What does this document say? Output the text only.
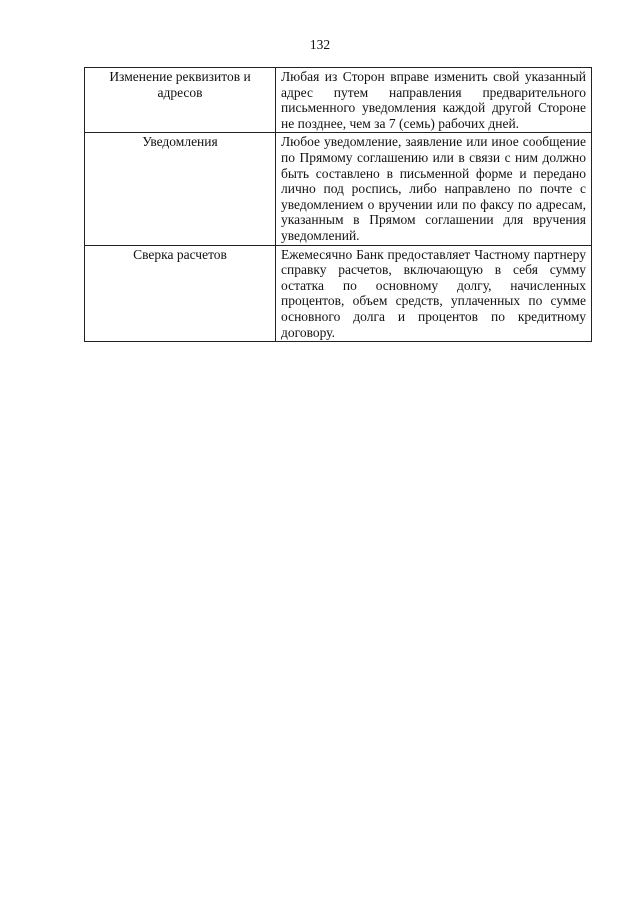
132
Изменение реквизитов и адресов	Любая из Сторон вправе изменить свой указанный адрес путем направления предварительного письменного уведомления каждой другой Стороне не позднее, чем за 7 (семь) рабочих дней.
Уведомления	Любое уведомление, заявление или иное сообщение по Прямому соглашению или в связи с ним должно быть составлено в письменной форме и передано лично под роспись, либо направлено по почте с уведомлением о вручении или по факсу по адресам, указанным в Прямом соглашении для вручения уведомлений.
Сверка расчетов	Ежемесячно Банк предоставляет Частному партнеру справку расчетов, включающую в себя сумму остатка по основному долгу, начисленных процентов, объем средств, уплаченных по сумме основного долга и процентов по кредитному договору.
